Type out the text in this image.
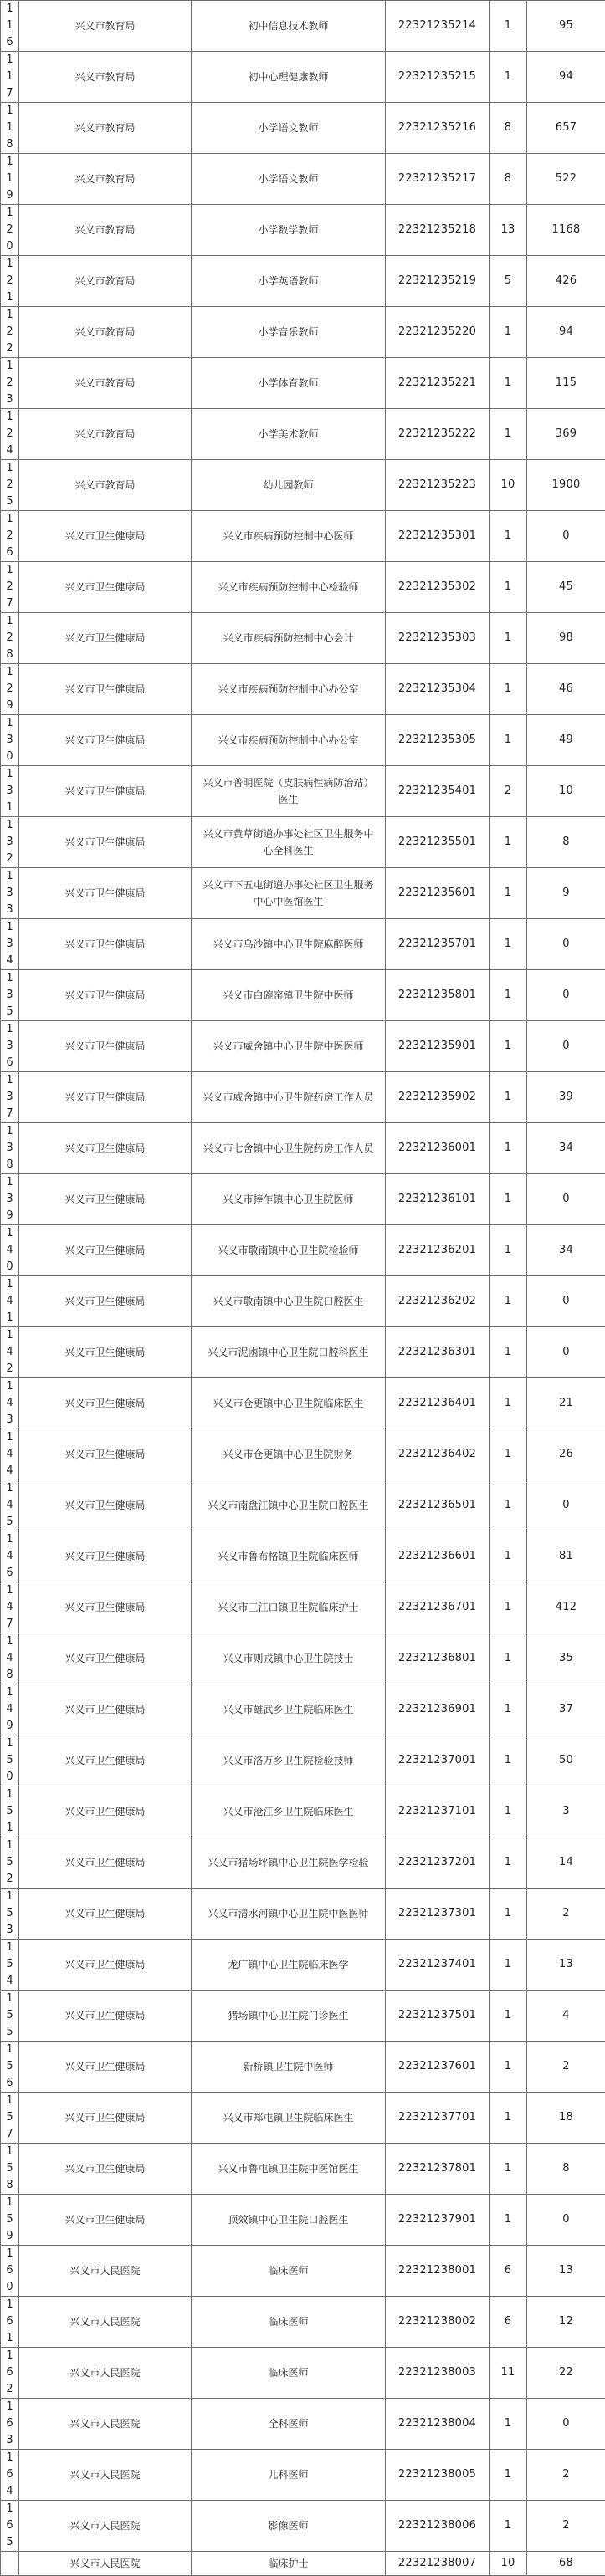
116	兴义市教育局	初中信息技术教师	22321235214	1	95
117	兴义市教育局	初中心理健康教师	22321235215	1	94
118	兴义市教育局	小学语文教师	22321235216	8	657
119	兴义市教育局	小学语文教师	22321235217	8	522
120	兴义市教育局	小学数学教师	22321235218	13	1168
121	兴义市教育局	小学英语教师	22321235219	5	426
122	兴义市教育局	小学音乐教师	22321235220	1	94
123	兴义市教育局	小学体育教师	22321235221	1	115
124	兴义市教育局	小学美术教师	22321235222	1	369
125	兴义市教育局	幼儿园教师	22321235223	10	1900
126	兴义市卫生健康局	兴义市疾病预防控制中心医师	22321235301	1	0
127	兴义市卫生健康局	兴义市疾病预防控制中心检验师	22321235302	1	45
128	兴义市卫生健康局	兴义市疾病预防控制中心会计	22321235303	1	98
129	兴义市卫生健康局	兴义市疾病预防控制中心办公室	22321235304	1	46
130	兴义市卫生健康局	兴义市疾病预防控制中心办公室	22321235305	1	49
131	兴义市卫生健康局	兴义市普明医院（皮肤病性病防治站）医生	22321235401	2	10
132	兴义市卫生健康局	兴义市黄草街道办事处社区卫生服务中心全科医生	22321235501	1	8
133	兴义市卫生健康局	兴义市下五屯街道办事处社区卫生服务中心中医馆医生	22321235601	1	9
134	兴义市卫生健康局	兴义市乌沙镇中心卫生院麻醉医师	22321235701	1	0
135	兴义市卫生健康局	兴义市白碗窑镇卫生院中医师	22321235801	1	0
136	兴义市卫生健康局	兴义市威舍镇中心卫生院中医医师	22321235901	1	0
137	兴义市卫生健康局	兴义市威舍镇中心卫生院药房工作人员	22321235902	1	39
138	兴义市卫生健康局	兴义市七舍镇中心卫生院药房工作人员	22321236001	1	34
139	兴义市卫生健康局	兴义市捧乍镇中心卫生院医师	22321236101	1	0
140	兴义市卫生健康局	兴义市敬南镇中心卫生院检验师	22321236201	1	34
141	兴义市卫生健康局	兴义市敬南镇中心卫生院口腔医生	22321236202	1	0
142	兴义市卫生健康局	兴义市泥凼镇中心卫生院口腔科医生	22321236301	1	0
143	兴义市卫生健康局	兴义市仓更镇中心卫生院临床医生	22321236401	1	21
144	兴义市卫生健康局	兴义市仓更镇中心卫生院财务	22321236402	1	26
145	兴义市卫生健康局	兴义市南盘江镇中心卫生院口腔医生	22321236501	1	0
146	兴义市卫生健康局	兴义市鲁布格镇卫生院临床医师	22321236601	1	81
147	兴义市卫生健康局	兴义市三江口镇卫生院临床护士	22321236701	1	412
148	兴义市卫生健康局	兴义市则戎镇中心卫生院技士	22321236801	1	35
149	兴义市卫生健康局	兴义市雄武乡卫生院临床医生	22321236901	1	37
150	兴义市卫生健康局	兴义市洛万乡卫生院检验技师	22321237001	1	50
151	兴义市卫生健康局	兴义市沧江乡卫生院临床医生	22321237101	1	3
152	兴义市卫生健康局	兴义市猪场坪镇中心卫生院医学检验	22321237201	1	14
153	兴义市卫生健康局	兴义市清水河镇中心卫生院中医医师	22321237301	1	2
154	兴义市卫生健康局	龙广镇中心卫生院临床医学	22321237401	1	13
155	兴义市卫生健康局	猪场镇中心卫生院门诊医生	22321237501	1	4
156	兴义市卫生健康局	新桥镇卫生院中医师	22321237601	1	2
157	兴义市卫生健康局	兴义市郑屯镇卫生院临床医生	22321237701	1	18
158	兴义市卫生健康局	兴义市鲁屯镇卫生院中医馆医生	22321237801	1	8
159	兴义市卫生健康局	顶效镇中心卫生院口腔医生	22321237901	1	0
160	兴义市人民医院	临床医师	22321238001	6	13
161	兴义市人民医院	临床医师	22321238002	6	12
162	兴义市人民医院	临床医师	22321238003	11	22
163	兴义市人民医院	全科医师	22321238004	1	0
164	兴义市人民医院	儿科医师	22321238005	1	2
165	兴义市人民医院	影像医师	22321238006	1	2
	兴义市人民医院	临床护士	22321238007	10	68
